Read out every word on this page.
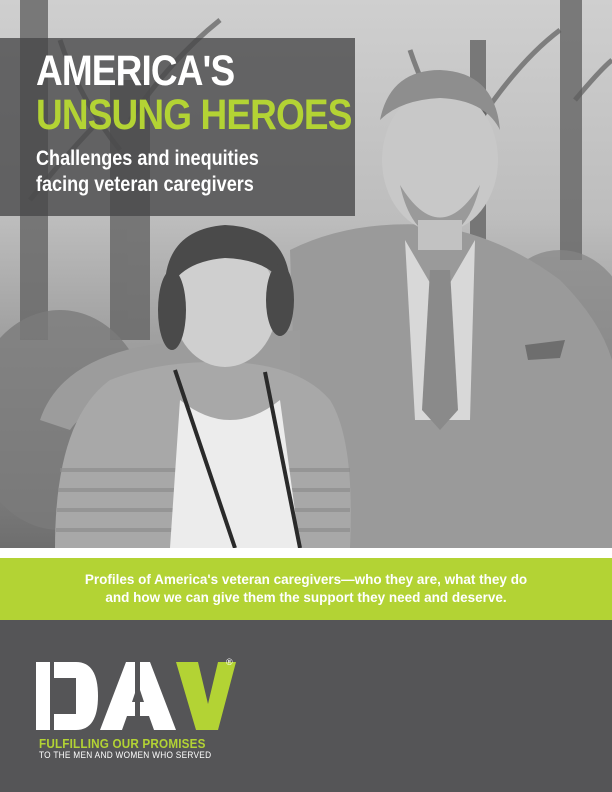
AMERICA'S
UNSUNG HEROES

Challenges and inequities
facing veteran caregivers

Profiles of America's veteran caregivers—who they are, what they do
and how we can give them the support they need and deserve.

®

FULFILLING OUR PROMISES

TO THE MEN AND WOMEN WHO SERVED
